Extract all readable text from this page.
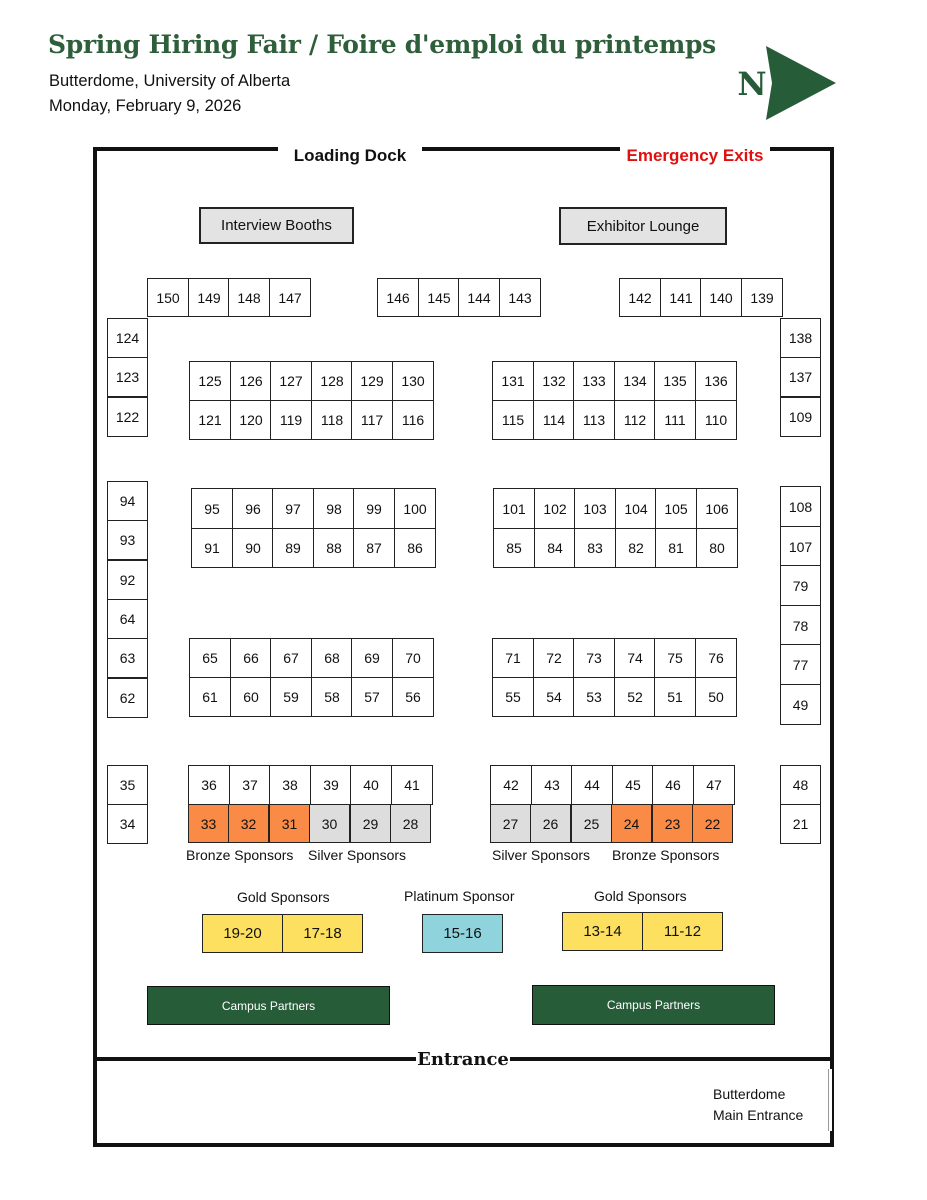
Spring Hiring Fair / Foire d'emploi du printemps
Butterdome, University of Alberta
Monday, February 9, 2026
N
Loading Dock	Emergency Exits
Entrance
Butterdome
Main Entrance
Interview Booths	Exhibitor Lounge
150	149	148	147	146	145	144	143	142	141	140	139
124
123
122
138
137
109
125	126	127	128	129	130
121	120	119	118	117	116
131	132	133	134	135	136
115	114	113	112	111	110
94
93
92
64
63
62
108
107
79
78
77
49
95	96	97	98	99	100
91	90	89	88	87	86
101	102	103	104	105	106
85	84	83	82	81	80
65	66	67	68	69	70
61	60	59	58	57	56
71	72	73	74	75	76
55	54	53	52	51	50
35
34
48
21
36	37	38	39	40	41	42	43	44	45	46	47
33	32	31	30	29	28	27	26	25	24	23	22
19-20	17-18	15-16	13-14	11-12
Bronze Sponsors Silver Sponsors	Silver Sponsors Bronze Sponsors
Gold Sponsors	Platinum Sponsor	Gold Sponsors
Campus Partners	Campus Partners
